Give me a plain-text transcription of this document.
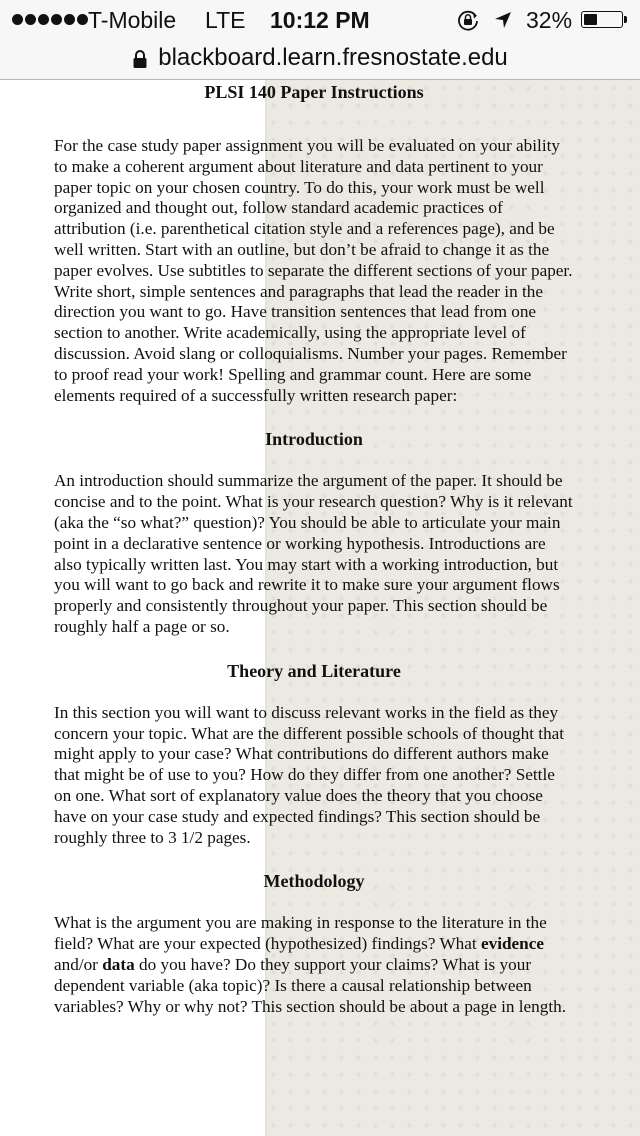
T-Mobile LTE 10:12 PM	32%
blackboard.learn.fresnostate.edu
PLSI 140 Paper Instructions

For the case study paper assignment you will be evaluated on your ability to make a coherent argument about literature and data pertinent to your paper topic on your chosen country. To do this, your work must be well organized and thought out, follow standard academic practices of attribution (i.e. parenthetical citation style and a references page), and be well written. Start with an outline, but don’t be afraid to change it as the paper evolves. Use subtitles to separate the different sections of your paper. Write short, simple sentences and paragraphs that lead the reader in the direction you want to go. Have transition sentences that lead from one section to another. Write academically, using the appropriate level of discussion. Avoid slang or colloquialisms. Number your pages. Remember to proof read your work! Spelling and grammar count. Here are some elements required of a successfully written research paper:

Introduction

An introduction should summarize the argument of the paper. It should be concise and to the point. What is your research question? Why is it relevant (aka the “so what?” question)? You should be able to articulate your main point in a declarative sentence or working hypothesis. Introductions are also typically written last. You may start with a working introduction, but you will want to go back and rewrite it to make sure your argument flows properly and consistently throughout your paper. This section should be roughly half a page or so.

Theory and Literature

In this section you will want to discuss relevant works in the field as they concern your topic. What are the different possible schools of thought that might apply to your case? What contributions do different authors make that might be of use to you? How do they differ from one another? Settle on one. What sort of explanatory value does the theory that you choose have on your case study and expected findings? This section should be roughly three to 3 1/2 pages.

Methodology

What is the argument you are making in response to the literature in the field? What are your expected (hypothesized) findings? What evidence and/or data do you have? Do they support your claims? What is your dependent variable (aka topic)? Is there a causal relationship between variables? Why or why not? This section should be about a page in length.
